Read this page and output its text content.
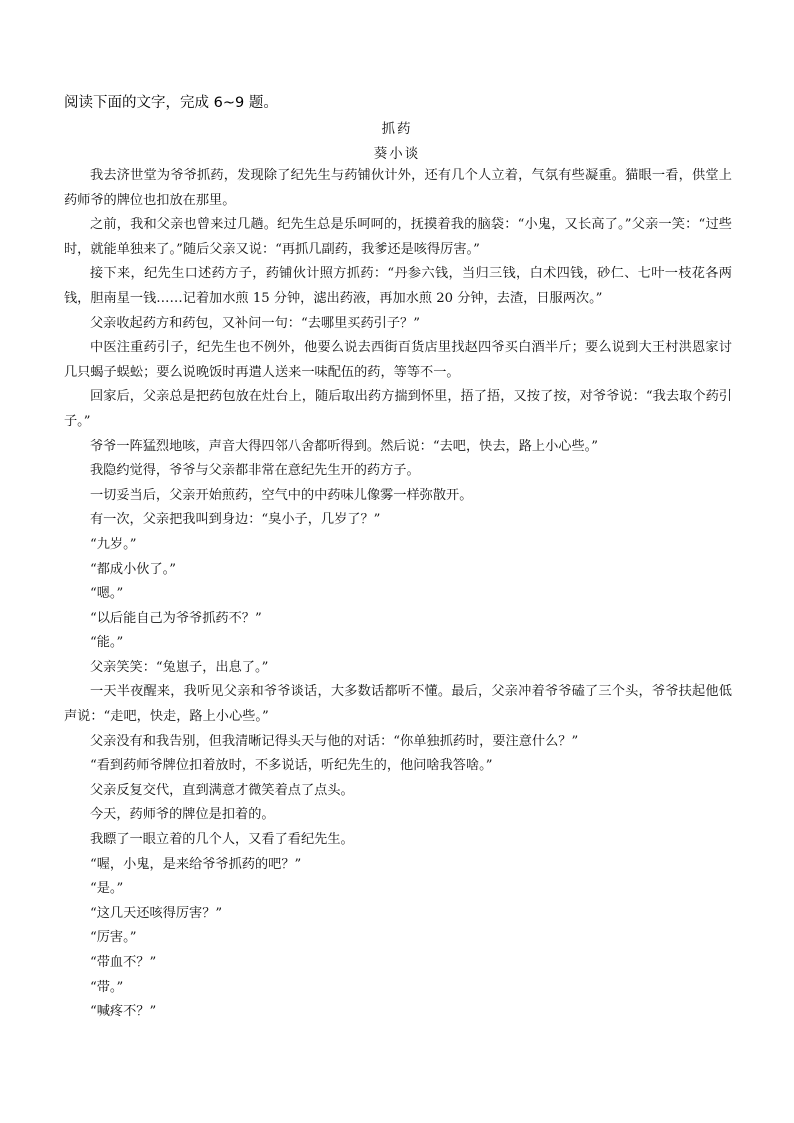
阅读下面的文字，完成 6~9 题。
抓药
葵小谈

我去济世堂为爷爷抓药，发现除了纪先生与药铺伙计外，还有几个人立着，气氛有些凝重。猫眼一看，供堂上药师爷的牌位也扣放在那里。

之前，我和父亲也曾来过几趟。纪先生总是乐呵呵的，抚摸着我的脑袋：“小鬼，又长高了。”父亲一笑：“过些时，就能单独来了。”随后父亲又说：“再抓几副药，我爹还是咳得厉害。”

接下来，纪先生口述药方子，药铺伙计照方抓药：“丹参六钱，当归三钱，白术四钱，砂仁、七叶一枝花各两钱，胆南星一钱……记着加水煎 15 分钟，滤出药液，再加水煎 20 分钟，去渣，日服两次。”

父亲收起药方和药包，又补问一句：“去哪里买药引子？”

中医注重药引子，纪先生也不例外，他要么说去西街百货店里找赵四爷买白酒半斤；要么说到大王村洪恩家讨几只蝎子蜈蚣；要么说晚饭时再遣人送来一味配伍的药，等等不一。

回家后，父亲总是把药包放在灶台上，随后取出药方揣到怀里，捂了捂，又按了按，对爷爷说：“我去取个药引子。”

爷爷一阵猛烈地咳，声音大得四邻八舍都听得到。然后说：“去吧，快去，路上小心些。”

我隐约觉得，爷爷与父亲都非常在意纪先生开的药方子。

一切妥当后，父亲开始煎药，空气中的中药味儿像雾一样弥散开。

有一次，父亲把我叫到身边：“臭小子，几岁了？”

“九岁。”

“都成小伙了。”

“嗯。”

“以后能自己为爷爷抓药不？”

“能。”

父亲笑笑：“兔崽子，出息了。”

一天半夜醒来，我听见父亲和爷爷谈话，大多数话都听不懂。最后，父亲冲着爷爷磕了三个头，爷爷扶起他低声说：“走吧，快走，路上小心些。”

父亲没有和我告别，但我清晰记得头天与他的对话：“你单独抓药时，要注意什么？”

“看到药师爷牌位扣着放时，不多说话，听纪先生的，他问啥我答啥。”

父亲反复交代，直到满意才微笑着点了点头。

今天，药师爷的牌位是扣着的。

我瞟了一眼立着的几个人，又看了看纪先生。

“喔，小鬼，是来给爷爷抓药的吧？”

“是。”

“这几天还咳得厉害？”

“厉害。”

“带血不？”

“带。”

“喊疼不？”
